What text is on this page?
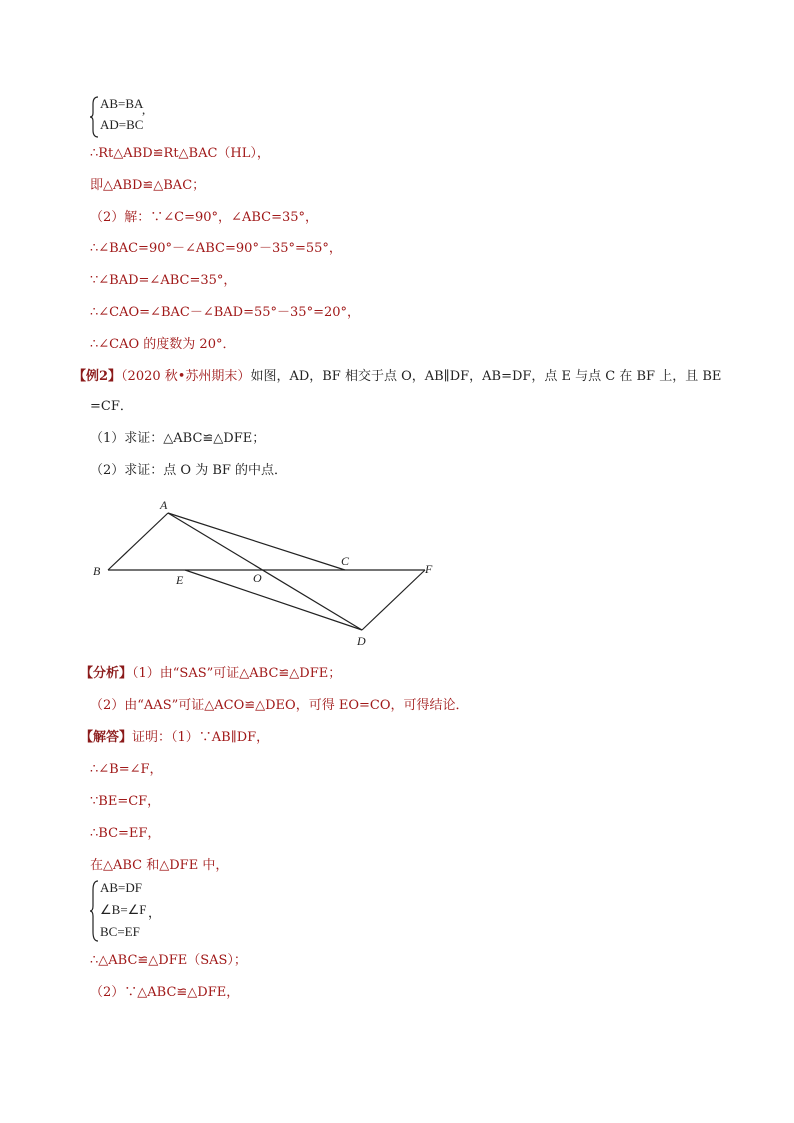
AB=BA
,
AD=BC
∴Rt△ABD≌Rt△BAC（HL），
即△ABD≌△BAC；
（2）解：∵∠C=90°，∠ABC=35°，
∴∠BAC=90°－∠ABC=90°－35°=55°，
∵∠BAD=∠ABC=35°，
∴∠CAO=∠BAC－∠BAD=55°－35°=20°，
∴∠CAO 的度数为 20°．
【例2】（2020 秋•苏州期末）如图，AD，BF 相交于点 O，AB∥DF，AB=DF，点 E 与点 C 在 BF 上，且 BE
=CF．
（1）求证：△ABC≌△DFE；
（2）求证：点 O 为 BF 的中点．
A
B
C
D
E
F
O
【分析】（1）由“SAS”可证△ABC≌△DFE；
（2）由“AAS”可证△ACO≌△DEO，可得 EO=CO，可得结论．
【解答】证明：（1）∵AB∥DF，
∴∠B=∠F，
∵BE=CF，
∴BC=EF，
在△ABC 和△DFE 中，
AB=DF
∠B=∠F ，
BC=EF
∴△ABC≌△DFE（SAS）；
（2）∵△ABC≌△DFE，
